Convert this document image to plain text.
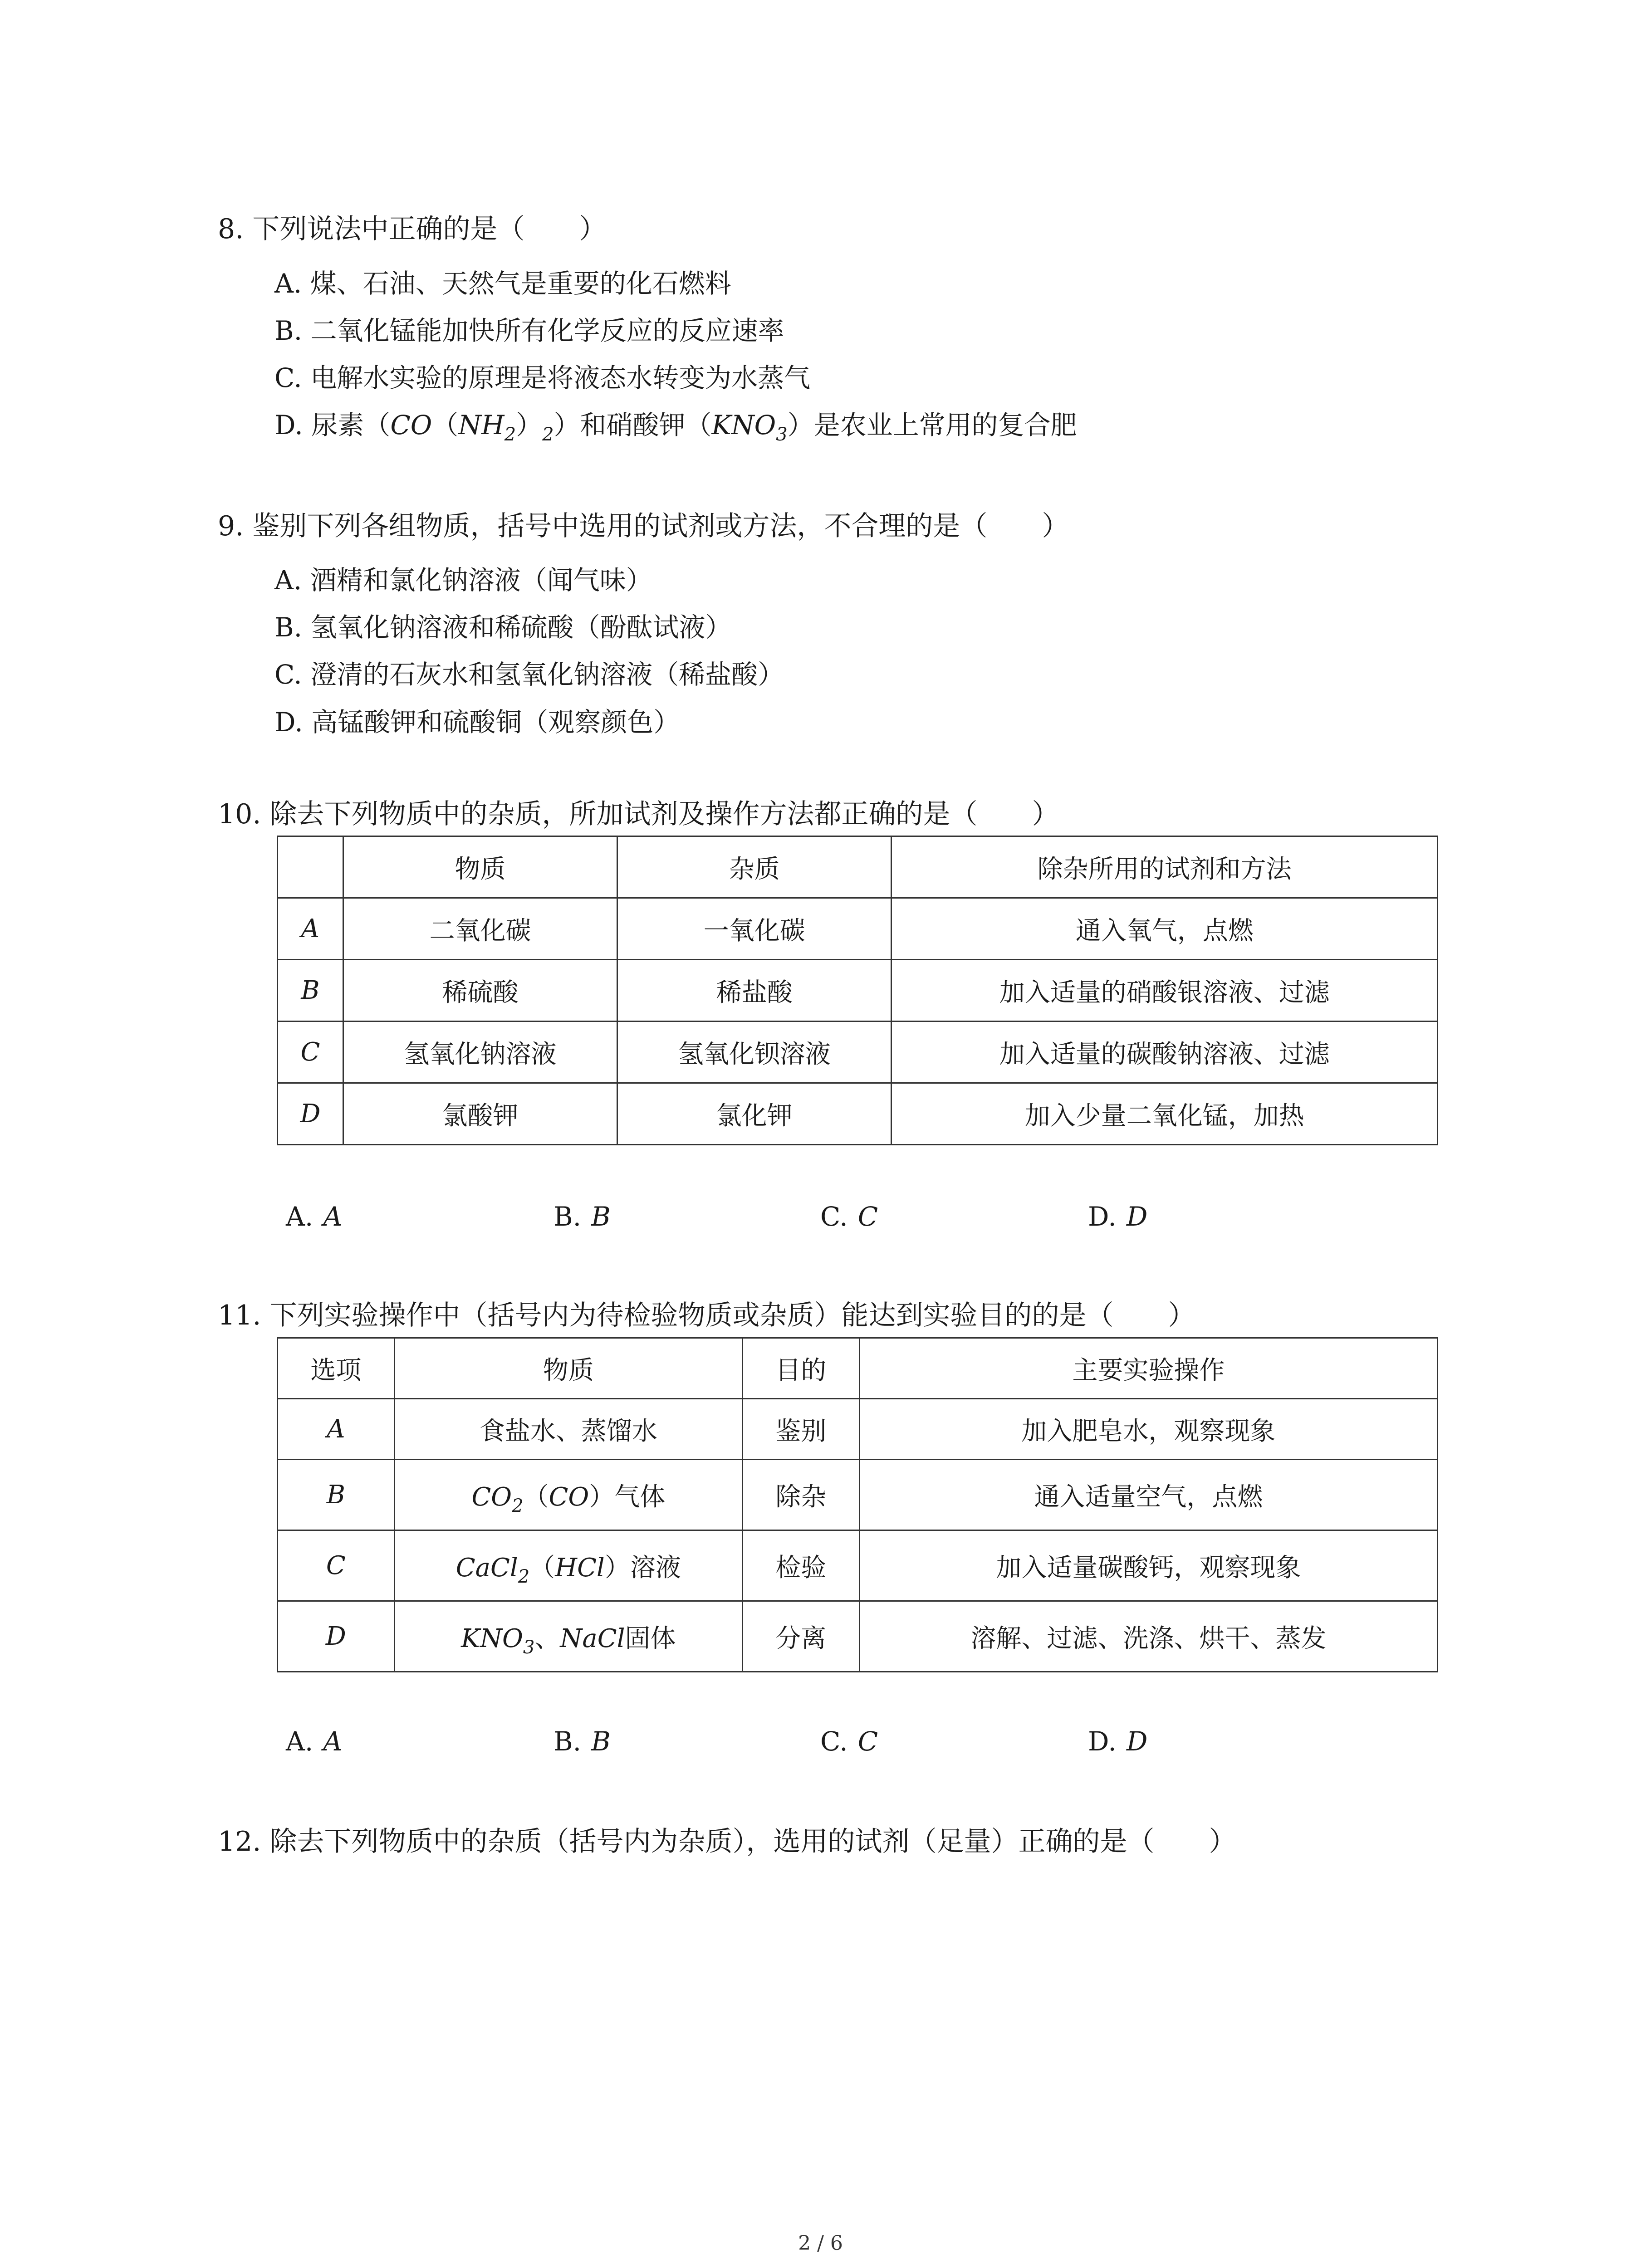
8. 下列说法中正确的是（　　）
A. 煤、石油、天然气是重要的化石燃料
B. 二氧化锰能加快所有化学反应的反应速率
C. 电解水实验的原理是将液态水转变为水蒸气
D. 尿素$(CO(NH_2)_2)$和硝酸钾$(KNO_3)$是农业上常用的复合肥
9. 鉴别下列各组物质，括号中选用的试剂或方法，不合理的是（　　）
A. 酒精和氯化钠溶液（闻气味）
B. 氢氧化钠溶液和稀硫酸（酚酞试液）
C. 澄清的石灰水和氢氧化钠溶液（稀盐酸）
D. 高锰酸钾和硫酸铜（观察颜色）
10. 除去下列物质中的杂质，所加试剂及操作方法都正确的是（　　）
	物质	杂质	除杂所用的试剂和方法
A	二氧化碳	一氧化碳	通入氧气，点燃
B	稀硫酸	稀盐酸	加入适量的硝酸银溶液、过滤
C	氢氧化钠溶液	氢氧化钡溶液	加入适量的碳酸钠溶液、过滤
D	氯酸钾	氯化钾	加入少量二氧化锰，加热
A. A	B. B	C. C	D. D
11. 下列实验操作中（括号内为待检验物质或杂质）能达到实验目的的是（　　）
选项	物质	目的	主要实验操作
A	食盐水、蒸馏水	鉴别	加入肥皂水，观察现象
B	$CO_2(CO)$气体	除杂	通入适量空气，点燃
C	CaCl$_2$（HCl）溶液	检验	加入适量碳酸钙，观察现象
D	$KNO_3$、NaCl固体	分离	溶解、过滤、洗涤、烘干、蒸发
A. A	B. B	C. C	D. D
12. 除去下列物质中的杂质（括号内为杂质），选用的试剂（足量）正确的是（　　）
2 / 6
